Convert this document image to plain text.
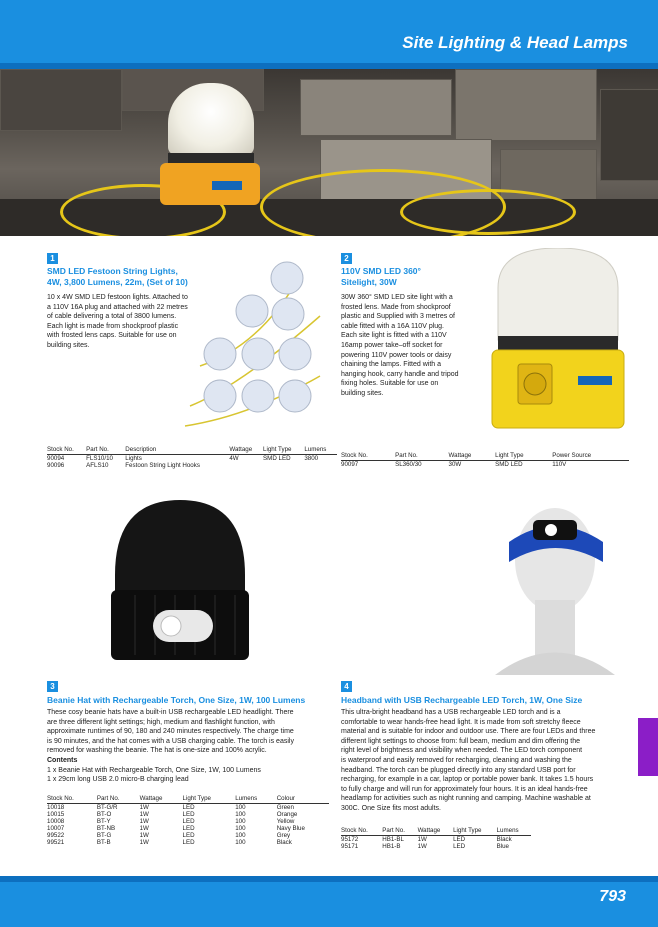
Site Lighting & Head Lamps
1
SMD LED Festoon String Lights,
4W, 3,800 Lumens, 22m, (Set of 10)
10 x 4W SMD LED festoon lights. Attached to
a 110V 16A plug and attached with 22 metres
of cable delivering a total of 3800 lumens.
Each light is made from shockproof plastic
with frosted lens caps. Suitable for use on
building sites.
Stock No.	Part No.	Description	Wattage	Light Type	Lumens
90094	FLS10/10	Lights	4W	SMD LED	3800
90096	AFLS10	Festoon String Light Hooks			
2
110V SMD LED 360°
Sitelight, 30W
30W 360° SMD LED site light with a
frosted lens. Made from shockproof
plastic and Supplied with 3 metres of
cable fitted with a 16A 110V plug.
Each site light is fitted with a 110V
16amp power take–off socket for
powering 110V power tools or daisy
chaining the lamps. Fitted with a
hanging hook, carry handle and tripod
fixing holes. Suitable for use on
building sites.
Stock No.	Part No.	Wattage	Light Type	Power Source
90097	SL360/30	30W	SMD LED	110V
3
Beanie Hat with Rechargeable Torch, One Size, 1W, 100 Lumens
These cosy beanie hats have a built-in USB rechargeable LED headlight. There
are three different light settings; high, medium and flashlight function, with
approximate runtimes of 90, 180 and 240 minutes respectively. The charge time
is 90 minutes, and the hat comes with a USB charging cable. The torch is easily
removed for washing the beanie. The hat is one-size and 100% acrylic.
Contents
1 x Beanie Hat with Rechargeable Torch, One Size, 1W, 100 Lumens
1 x 29cm long USB 2.0 micro-B charging lead
Stock No.	Part No.	Wattage	Light Type	Lumens	Colour
10018	BT-G/R	1W	LED	100	Green
10015	BT-O	1W	LED	100	Orange
10008	BT-Y	1W	LED	100	Yellow
10007	BT-NB	1W	LED	100	Navy Blue
99522	BT-G	1W	LED	100	Grey
99521	BT-B	1W	LED	100	Black
4
Headband with USB Rechargeable LED Torch, 1W, One Size
This ultra-bright headband has a USB rechargeable LED torch and is a
comfortable to wear hands-free head light. It is made from soft stretchy fleece
material and is suitable for indoor and outdoor use. There are four LEDs and three
different light settings to choose from: full beam, medium and dim offering the
right level of brightness and visibility when needed. The LED torch component
is waterproof and easily removed for recharging, cleaning and washing the
headband. The torch can be plugged directly into any standard USB port for
recharging, for example in a car, laptop or portable power bank. It takes 1.5 hours
to fully charge and will run for approximately four hours. It is an ideal hands-free
headlamp for activities such as night running and camping. Machine washable at
300C. One Size fits most adults.
Stock No.	Part No.	Wattage	Light Type	Lumens
95172	HB1-BL	1W	LED	Black
95171	HB1-B	1W	LED	Blue
793
